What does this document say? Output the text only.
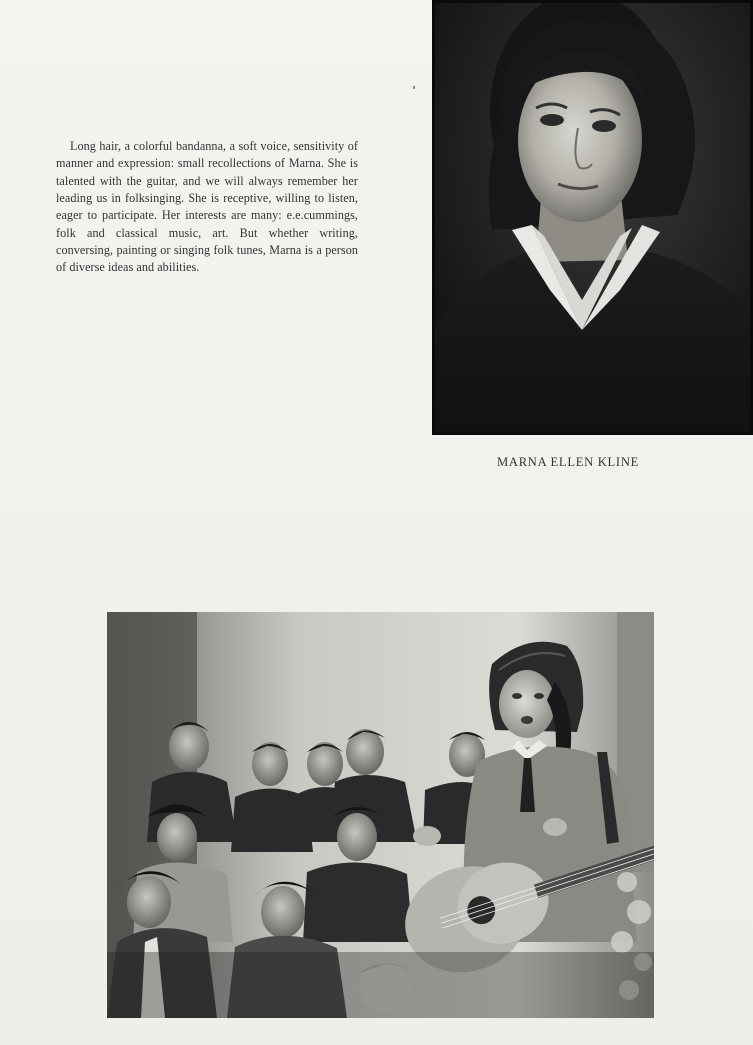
Long hair, a colorful bandanna, a soft voice, sensitivity of manner and expression: small recollections of Marna. She is talented with the guitar, and we will always remember her leading us in folksinging. She is receptive, willing to listen, eager to participate. Her interests are many: e.e.cummings, folk and classical music, art. But whether writing, conversing, painting or singing folk tunes, Marna is a person of diverse ideas and abilities.

MARNA ELLEN KLINE
